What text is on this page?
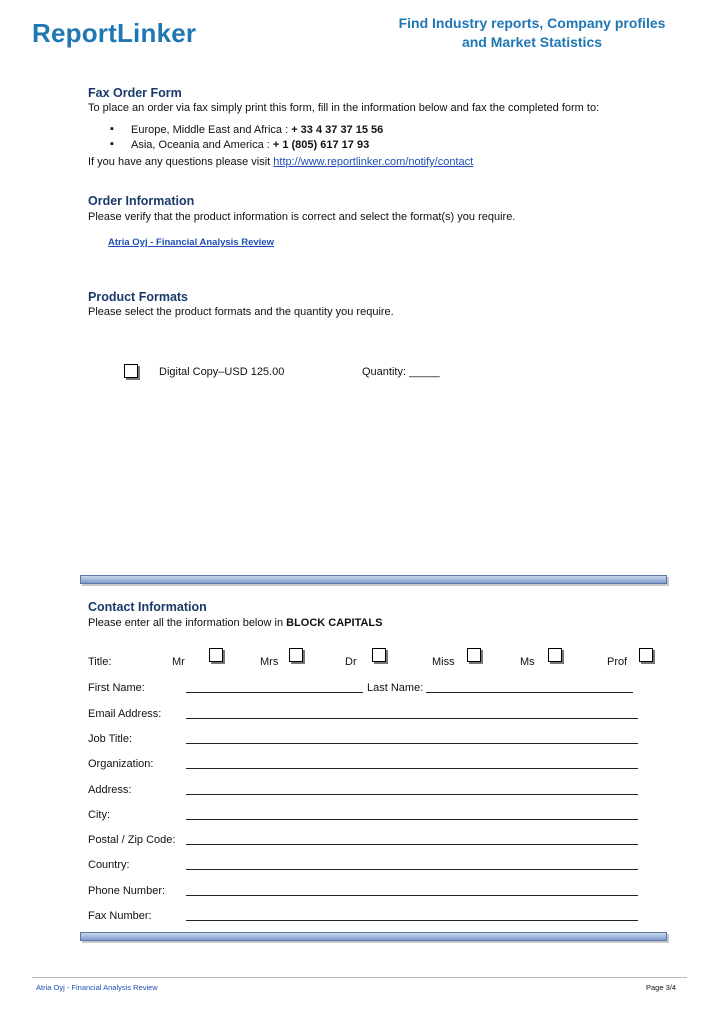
ReportLinker	Find Industry reports, Company profiles
and Market Statistics
Fax Order Form
To place an order via fax simply print this form, fill in the information below and fax the completed form to:
▪ Europe, Middle East and Africa : + 33 4 37 37 15 56
▪ Asia, Oceania and America : + 1 (805) 617 17 93
If you have any questions please visit http://www.reportlinker.com/notify/contact
Order Information
Please verify that the product information is correct and select the format(s) you require.
Atria Oyj - Financial Analysis Review
Product Formats
Please select the product formats and the quantity you require.
Digital Copy–USD 125.00	Quantity: _____
Contact Information
Please enter all the information below in BLOCK CAPITALS
Title:	Mr	Mrs	Dr	Miss	Ms	Prof
First Name:	Last Name:
Email Address:
Job Title:
Organization:
Address:
City:
Postal / Zip Code:
Country:
Phone Number:
Fax Number:
Atria Oyj - Financial Analysis Review	Page 3/4
